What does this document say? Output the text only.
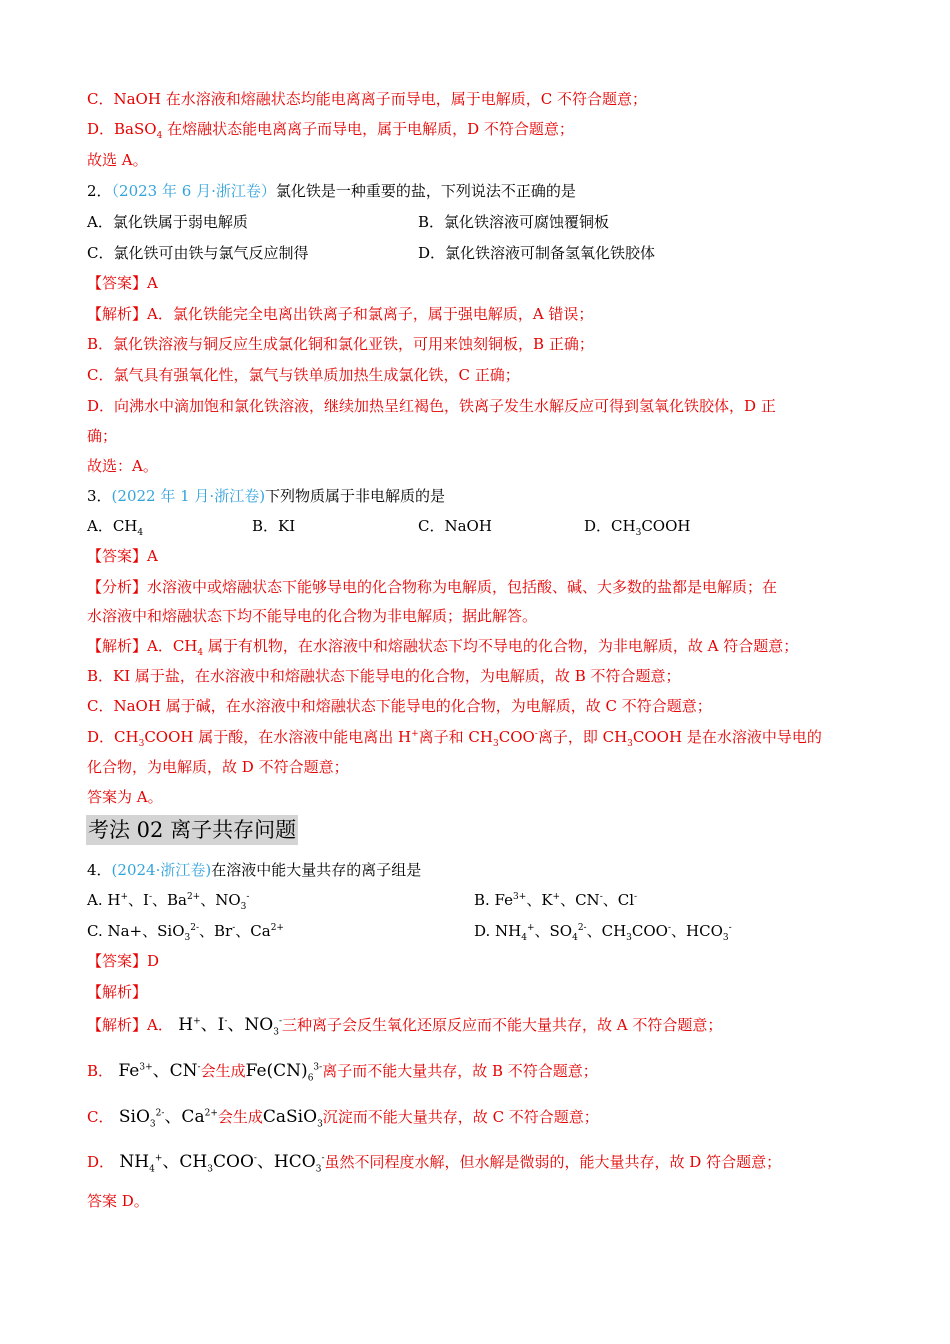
C．NaOH 在水溶液和熔融状态均能电离离子而导电，属于电解质，C 不符合题意；
D．BaSO$_4$ 在熔融状态能电离离子而导电，属于电解质，D 不符合题意；
故选 A。
2．（2023 年 6 月·浙江卷）氯化铁是一种重要的盐，下列说法不正确的是
A．氯化铁属于弱电解质	B．氯化铁溶液可腐蚀覆铜板
C．氯化铁可由铁与氯气反应制得	D．氯化铁溶液可制备氢氧化铁胶体
【答案】A
【解析】A．氯化铁能完全电离出铁离子和氯离子，属于强电解质，A 错误；
B．氯化铁溶液与铜反应生成氯化铜和氯化亚铁，可用来蚀刻铜板，B 正确；
C．氯气具有强氧化性，氯气与铁单质加热生成氯化铁，C 正确；
D．向沸水中滴加饱和氯化铁溶液，继续加热呈红褐色，铁离子发生水解反应可得到氢氧化铁胶体，D 正
确；
故选：A。
3．(2022 年 1 月·浙江卷)下列物质属于非电解质的是
A．$CH_4$	B．KI	C．NaOH	D．$CH_3COOH$
【答案】A
【分析】水溶液中或熔融状态下能够导电的化合物称为电解质，包括酸、碱、大多数的盐都是电解质；在
水溶液中和熔融状态下均不能导电的化合物为非电解质；据此解答。
【解析】A．$CH_4$ 属于有机物，在水溶液中和熔融状态下均不导电的化合物，为非电解质，故 A 符合题意；
B．KI 属于盐，在水溶液中和熔融状态下能导电的化合物，为电解质，故 B 不符合题意；
C．NaOH 属于碱，在水溶液中和熔融状态下能导电的化合物，为电解质，故 C 不符合题意；
D．$CH_3COOH$ 属于酸，在水溶液中能电离出 H+离子和 $CH_3COO^-$离子，即 $CH_3COOH$ 是在水溶液中导电的
化合物，为电解质，故 D 不符合题意；
答案为 A。
考法 02 离子共存问题
4．(2024·浙江卷)在溶液中能大量共存的离子组是
A. H+、I-、$Ba^{2+}$、$NO_3^-$	B. $Fe^{3+}$、K+、CN-、Cl-
C. Na+、SiO$_3^{2-}$、Br-、$Ca^{2+}$	D. $NH_4^+$、$SO_4^{2-}$、$CH_3COO^-$、$HCO_3^-$
【答案】D
【解析】
【解析】A． H+、I-、$NO_3^-$三种离子会反生氧化还原反应而不能大量共存，故 A 不符合题意；
B． $Fe^{3+}$、CN-会生成$Fe(CN)_6^{3-}$离子而不能大量共存，故 B 不符合题意；
C． SiO$_3^{2-}$、$Ca^{2+}$会生成CaSiO$_3$沉淀而不能大量共存，故 C 不符合题意；
D． $NH_4^+$、$CH_3COO^-$、$HCO_3^-$虽然不同程度水解，但水解是微弱的，能大量共存，故 D 符合题意；
答案 D。
